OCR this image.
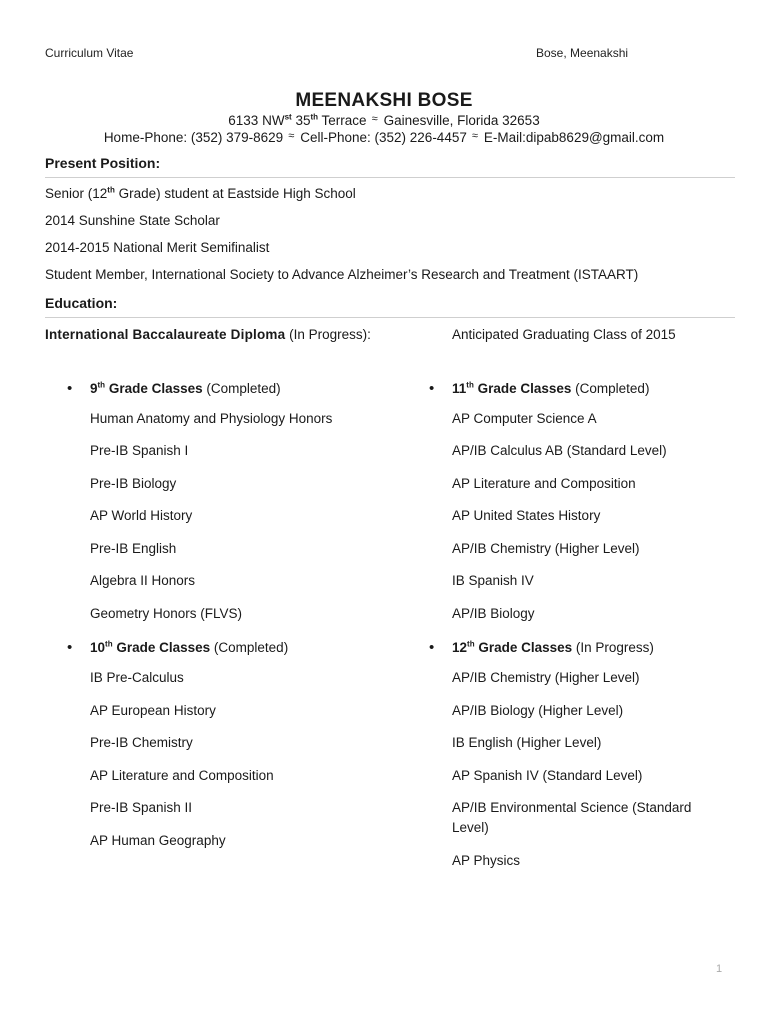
Curriculum Vitae	Bose, Meenakshi
MEENAKSHI BOSE
6133 $NW^{st}$ 35th Terrace ≈ Gainesville, Florida 32653
Home-Phone: (352) 379-8629 ≈ Cell-Phone: (352) 226-4457 ≈ E-Mail:dipab8629@gmail.com
Present Position:
Senior (12th Grade) student at Eastside High School
2014 Sunshine State Scholar
2014-2015 National Merit Semifinalist
Student Member, International Society to Advance Alzheimer’s Research and Treatment (ISTAART)
Education:
International Baccalaureate Diploma (In Progress):	Anticipated Graduating Class of 2015
• 9th Grade Classes (Completed)
Human Anatomy and Physiology Honors
Pre-IB Spanish I
Pre-IB Biology
AP World History
Pre-IB English
Algebra II Honors
Geometry Honors (FLVS)
• 10th Grade Classes (Completed)
IB Pre-Calculus
AP European History
Pre-IB Chemistry
AP Literature and Composition
Pre-IB Spanish II
AP Human Geography
• 11th Grade Classes (Completed)
AP Computer Science A
AP/IB Calculus AB (Standard Level)
AP Literature and Composition
AP United States History
AP/IB Chemistry (Higher Level)
IB Spanish IV
AP/IB Biology
• 12th Grade Classes (In Progress)
AP/IB Chemistry (Higher Level)
AP/IB Biology (Higher Level)
IB English (Higher Level)
AP Spanish IV (Standard Level)
AP/IB Environmental Science (Standard Level)
AP Physics
1
